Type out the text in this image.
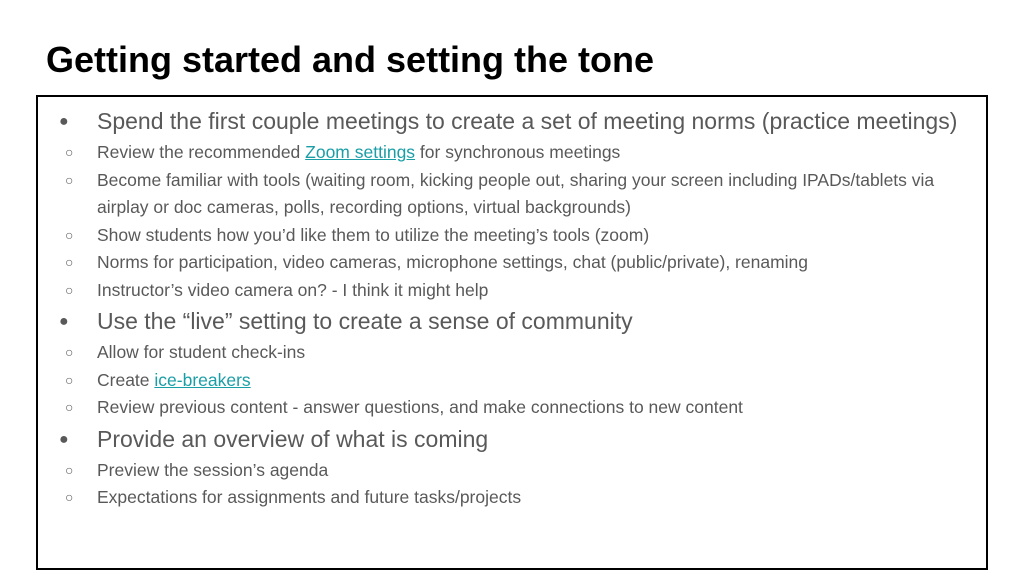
Getting started and setting the tone
● Spend the first couple meetings to create a set of meeting norms (practice meetings)
○ Review the recommended Zoom settings for synchronous meetings
○ Become familiar with tools (waiting room, kicking people out, sharing your screen including IPADs/tablets via airplay or doc cameras, polls, recording options, virtual backgrounds)
○ Show students how you’d like them to utilize the meeting’s tools (zoom)
○ Norms for participation, video cameras, microphone settings, chat (public/private), renaming
○ Instructor’s video camera on? - I think it might help
● Use the “live” setting to create a sense of community
○ Allow for student check-ins
○ Create ice-breakers
○ Review previous content - answer questions, and make connections to new content
● Provide an overview of what is coming
○ Preview the session’s agenda
○ Expectations for assignments and future tasks/projects
